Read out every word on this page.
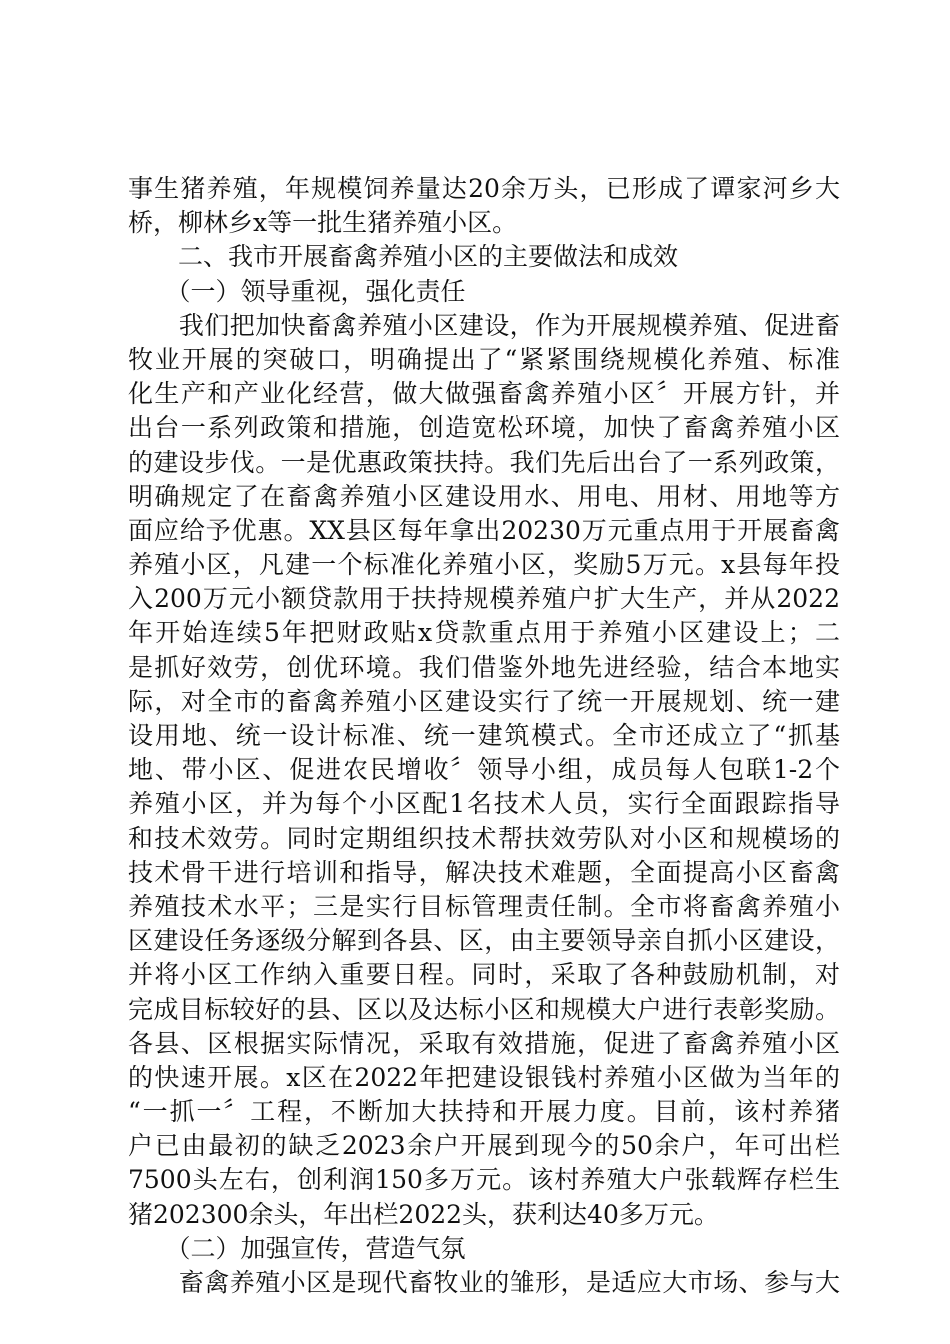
事生猪养殖，年规模饲养量达20余万头，已形成了谭家河乡大
桥，柳林乡x等一批生猪养殖小区。
　　二、我市开展畜禽养殖小区的主要做法和成效
　　（一）领导重视，强化责任
　　我们把加快畜禽养殖小区建设，作为开展规模养殖、促进畜
牧业开展的突破口，明确提出了“紧紧围绕规模化养殖、标准
化生产和产业化经营，做大做强畜禽养殖小区〞开展方针，并
出台一系列政策和措施，创造宽松环境，加快了畜禽养殖小区
的建设步伐。一是优惠政策扶持。我们先后出台了一系列政策，
明确规定了在畜禽养殖小区建设用水、用电、用材、用地等方
面应给予优惠。XX县区每年拿出20230万元重点用于开展畜禽
养殖小区，凡建一个标准化养殖小区，奖励5万元。x县每年投
入200万元小额贷款用于扶持规模养殖户扩大生产，并从2022
年开始连续5年把财政贴x贷款重点用于养殖小区建设上；二
是抓好效劳，创优环境。我们借鉴外地先进经验，结合本地实
际，对全市的畜禽养殖小区建设实行了统一开展规划、统一建
设用地、统一设计标准、统一建筑模式。全市还成立了“抓基
地、带小区、促进农民增收〞领导小组，成员每人包联1-2个
养殖小区，并为每个小区配1名技术人员，实行全面跟踪指导
和技术效劳。同时定期组织技术帮扶效劳队对小区和规模场的
技术骨干进行培训和指导，解决技术难题，全面提高小区畜禽
养殖技术水平；三是实行目标管理责任制。全市将畜禽养殖小
区建设任务逐级分解到各县、区，由主要领导亲自抓小区建设，
并将小区工作纳入重要日程。同时，采取了各种鼓励机制，对
完成目标较好的县、区以及达标小区和规模大户进行表彰奖励。
各县、区根据实际情况，采取有效措施，促进了畜禽养殖小区
的快速开展。x区在2022年把建设银钱村养殖小区做为当年的
“一抓一〞工程，不断加大扶持和开展力度。目前，该村养猪
户已由最初的缺乏2023余户开展到现今的50余户，年可出栏
7500头左右，创利润150多万元。该村养殖大户张载辉存栏生
猪202300余头，年出栏2022头，获利达40多万元。
　　（二）加强宣传，营造气氛
　　畜禽养殖小区是现代畜牧业的雏形，是适应大市场、参与大
